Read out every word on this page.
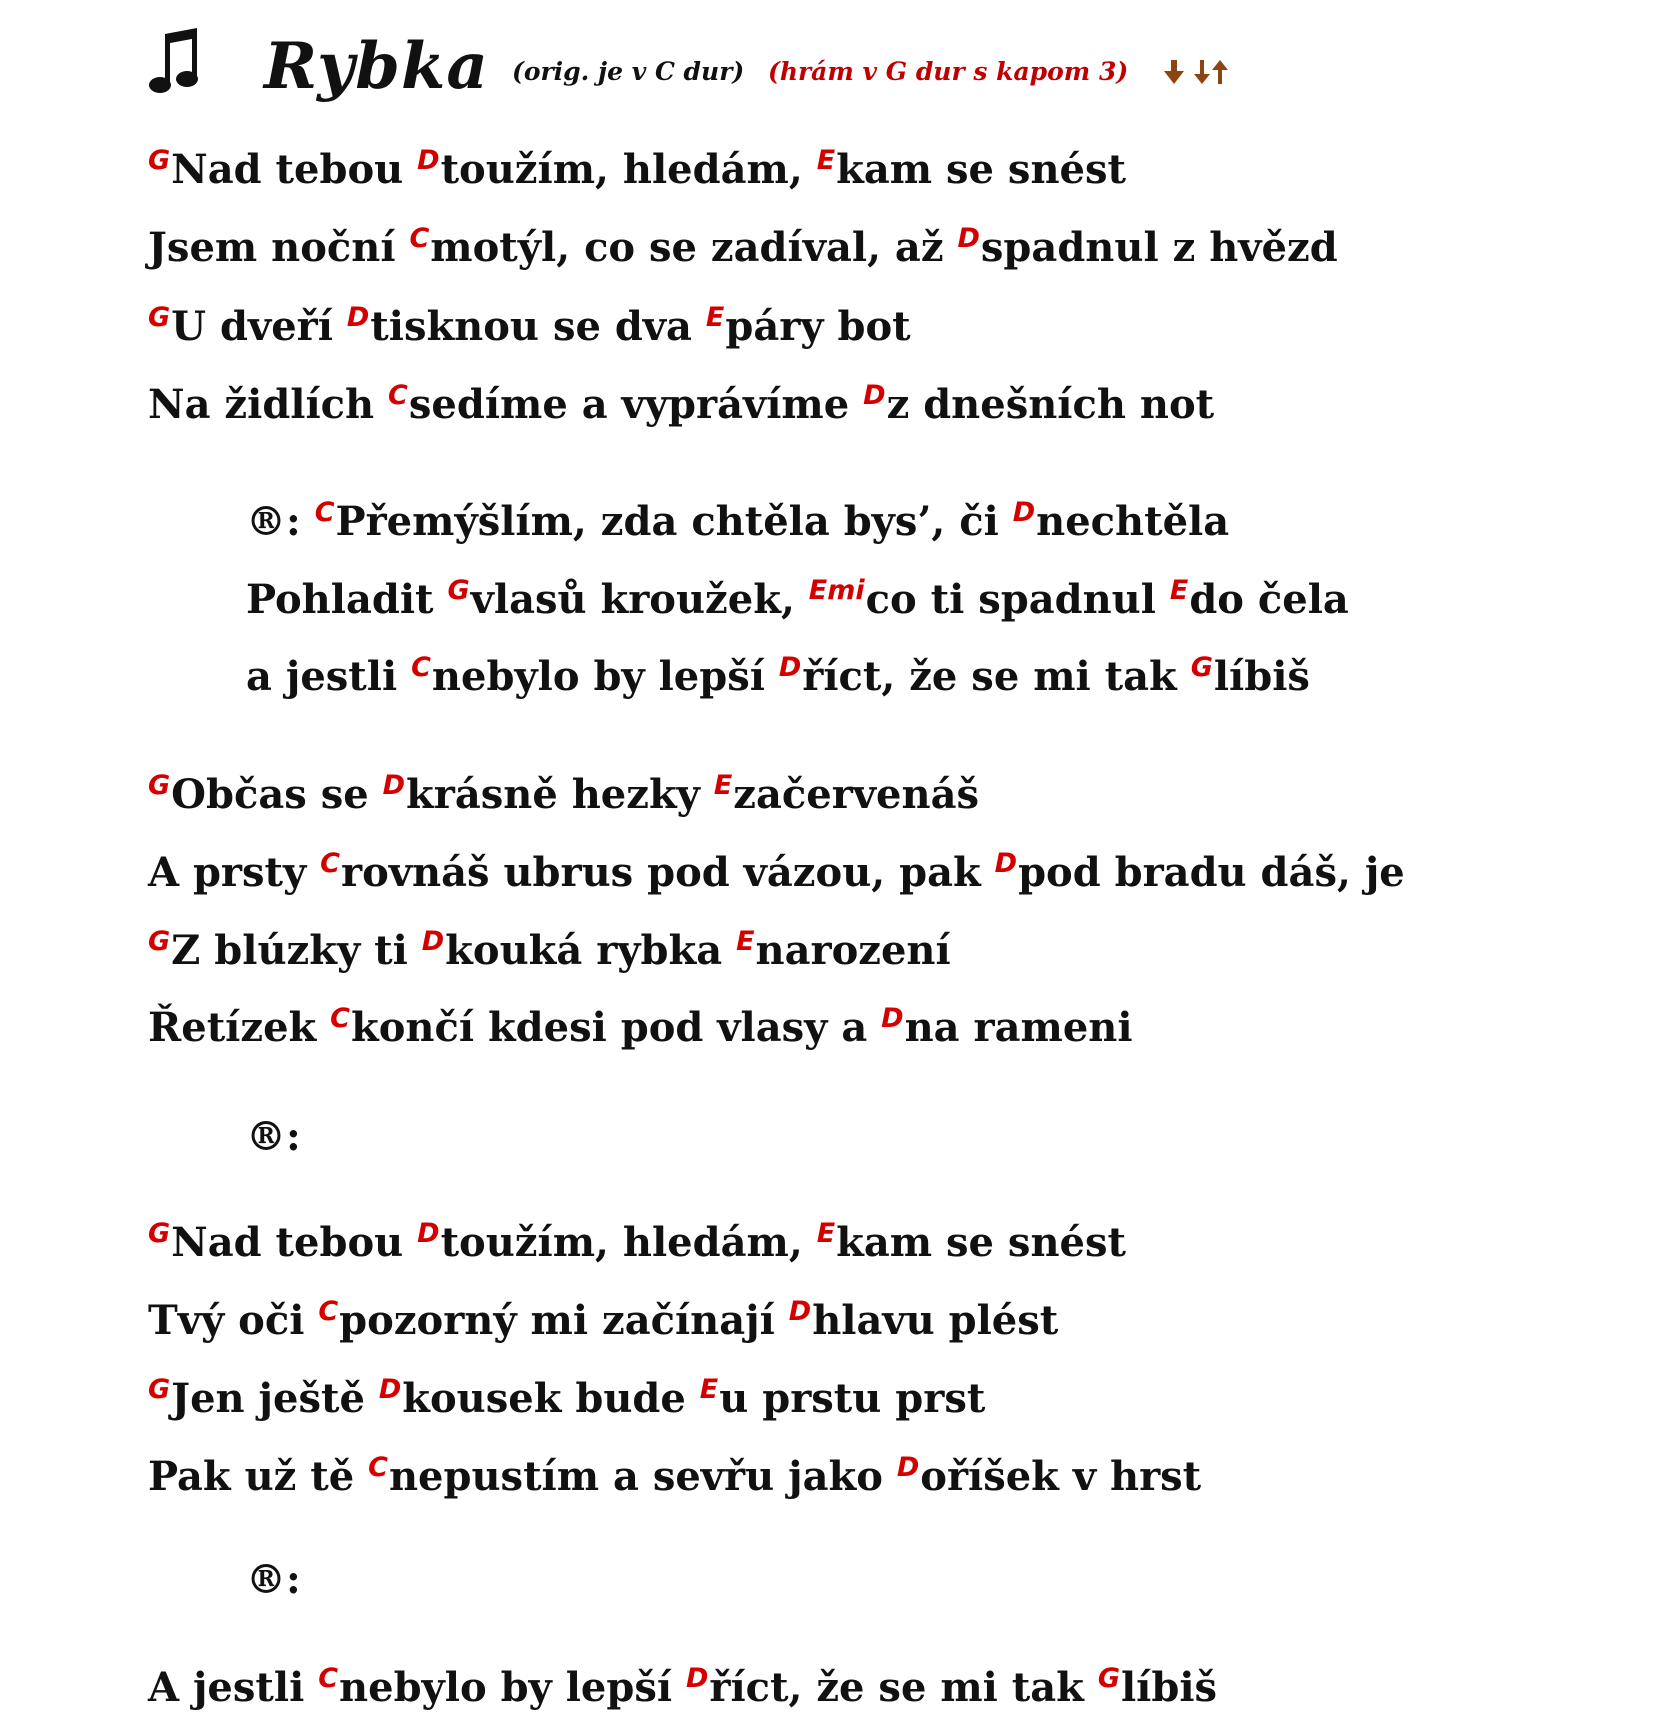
Rybka (orig. je v C dur) (hrám v G dur s kapom 3)
$^G$Nad tebou $^D$toužím, hledám, $^E$kam se snést
Jsem noční $^C$motýl, co se zadíval, až $^D$spadnul z hvězd
$^G$U dveří $^D$tisknou se dva $^E$páry bot
Na židlích $^C$sedíme a vyprávíme $^D$z dnešních not
®: $^C$Přemýšlím, zda chtěla bys’, či $^D$nechtěla
Pohladit $^G$vlasů kroužek, $^{Emi}$co ti spadnul $^E$do čela
a jestli $^C$nebylo by lepší $^D$říct, že se mi tak $^G$líbiš
$^G$Občas se $^D$krásně hezky $^E$začervenáš
A prsty $^C$rovnáš ubrus pod vázou, pak $^D$pod bradu dáš, je
$^G$Z blúzky ti $^D$kouká rybka $^E$narození
Řetízek $^C$končí kdesi pod vlasy a $^D$na rameni
®:
$^G$Nad tebou $^D$toužím, hledám, $^E$kam se snést
Tvý oči $^C$pozorný mi začínají $^D$hlavu plést
$^G$Jen ještě $^D$kousek bude $^E$u prstu prst
Pak už tě $^C$nepustím a sevřu jako $^D$oříšek v hrst
®:
A jestli $^C$nebylo by lepší $^D$říct, že se mi tak $^G$líbiš
